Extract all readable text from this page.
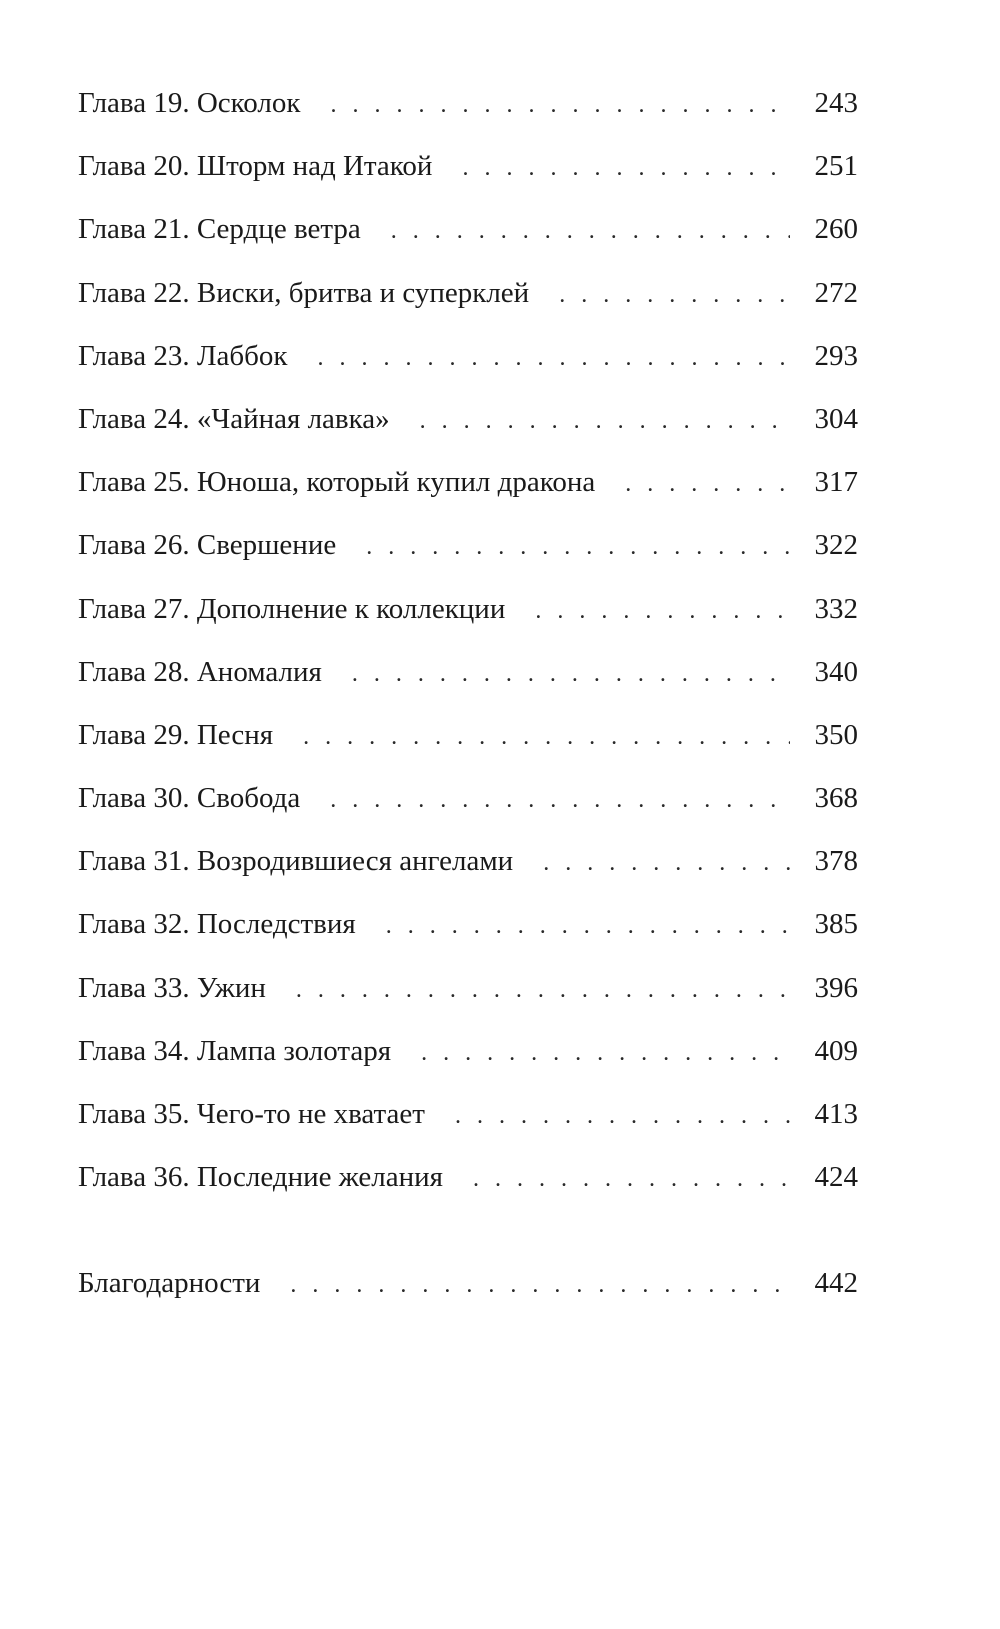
Глава 19. Осколок . . .	243
Глава 20. Шторм над Итакой . . .	251
Глава 21. Сердце ветра . . .	260
Глава 22. Виски, бритва и суперклей . . .	272
Глава 23. Лаббок . . .	293
Глава 24. «Чайная лавка» . . .	304
Глава 25. Юноша, который купил дракона . . .	317
Глава 26. Свершение . . .	322
Глава 27. Дополнение к коллекции . . .	332
Глава 28. Аномалия . . .	340
Глава 29. Песня . . .	350
Глава 30. Свобода . . .	368
Глава 31. Возродившиеся ангелами . . .	378
Глава 32. Последствия . . .	385
Глава 33. Ужин . . .	396
Глава 34. Лампа золотаря . . .	409
Глава 35. Чего-то не хватает . . .	413
Глава 36. Последние желания . . .	424
Благодарности . . .	442
